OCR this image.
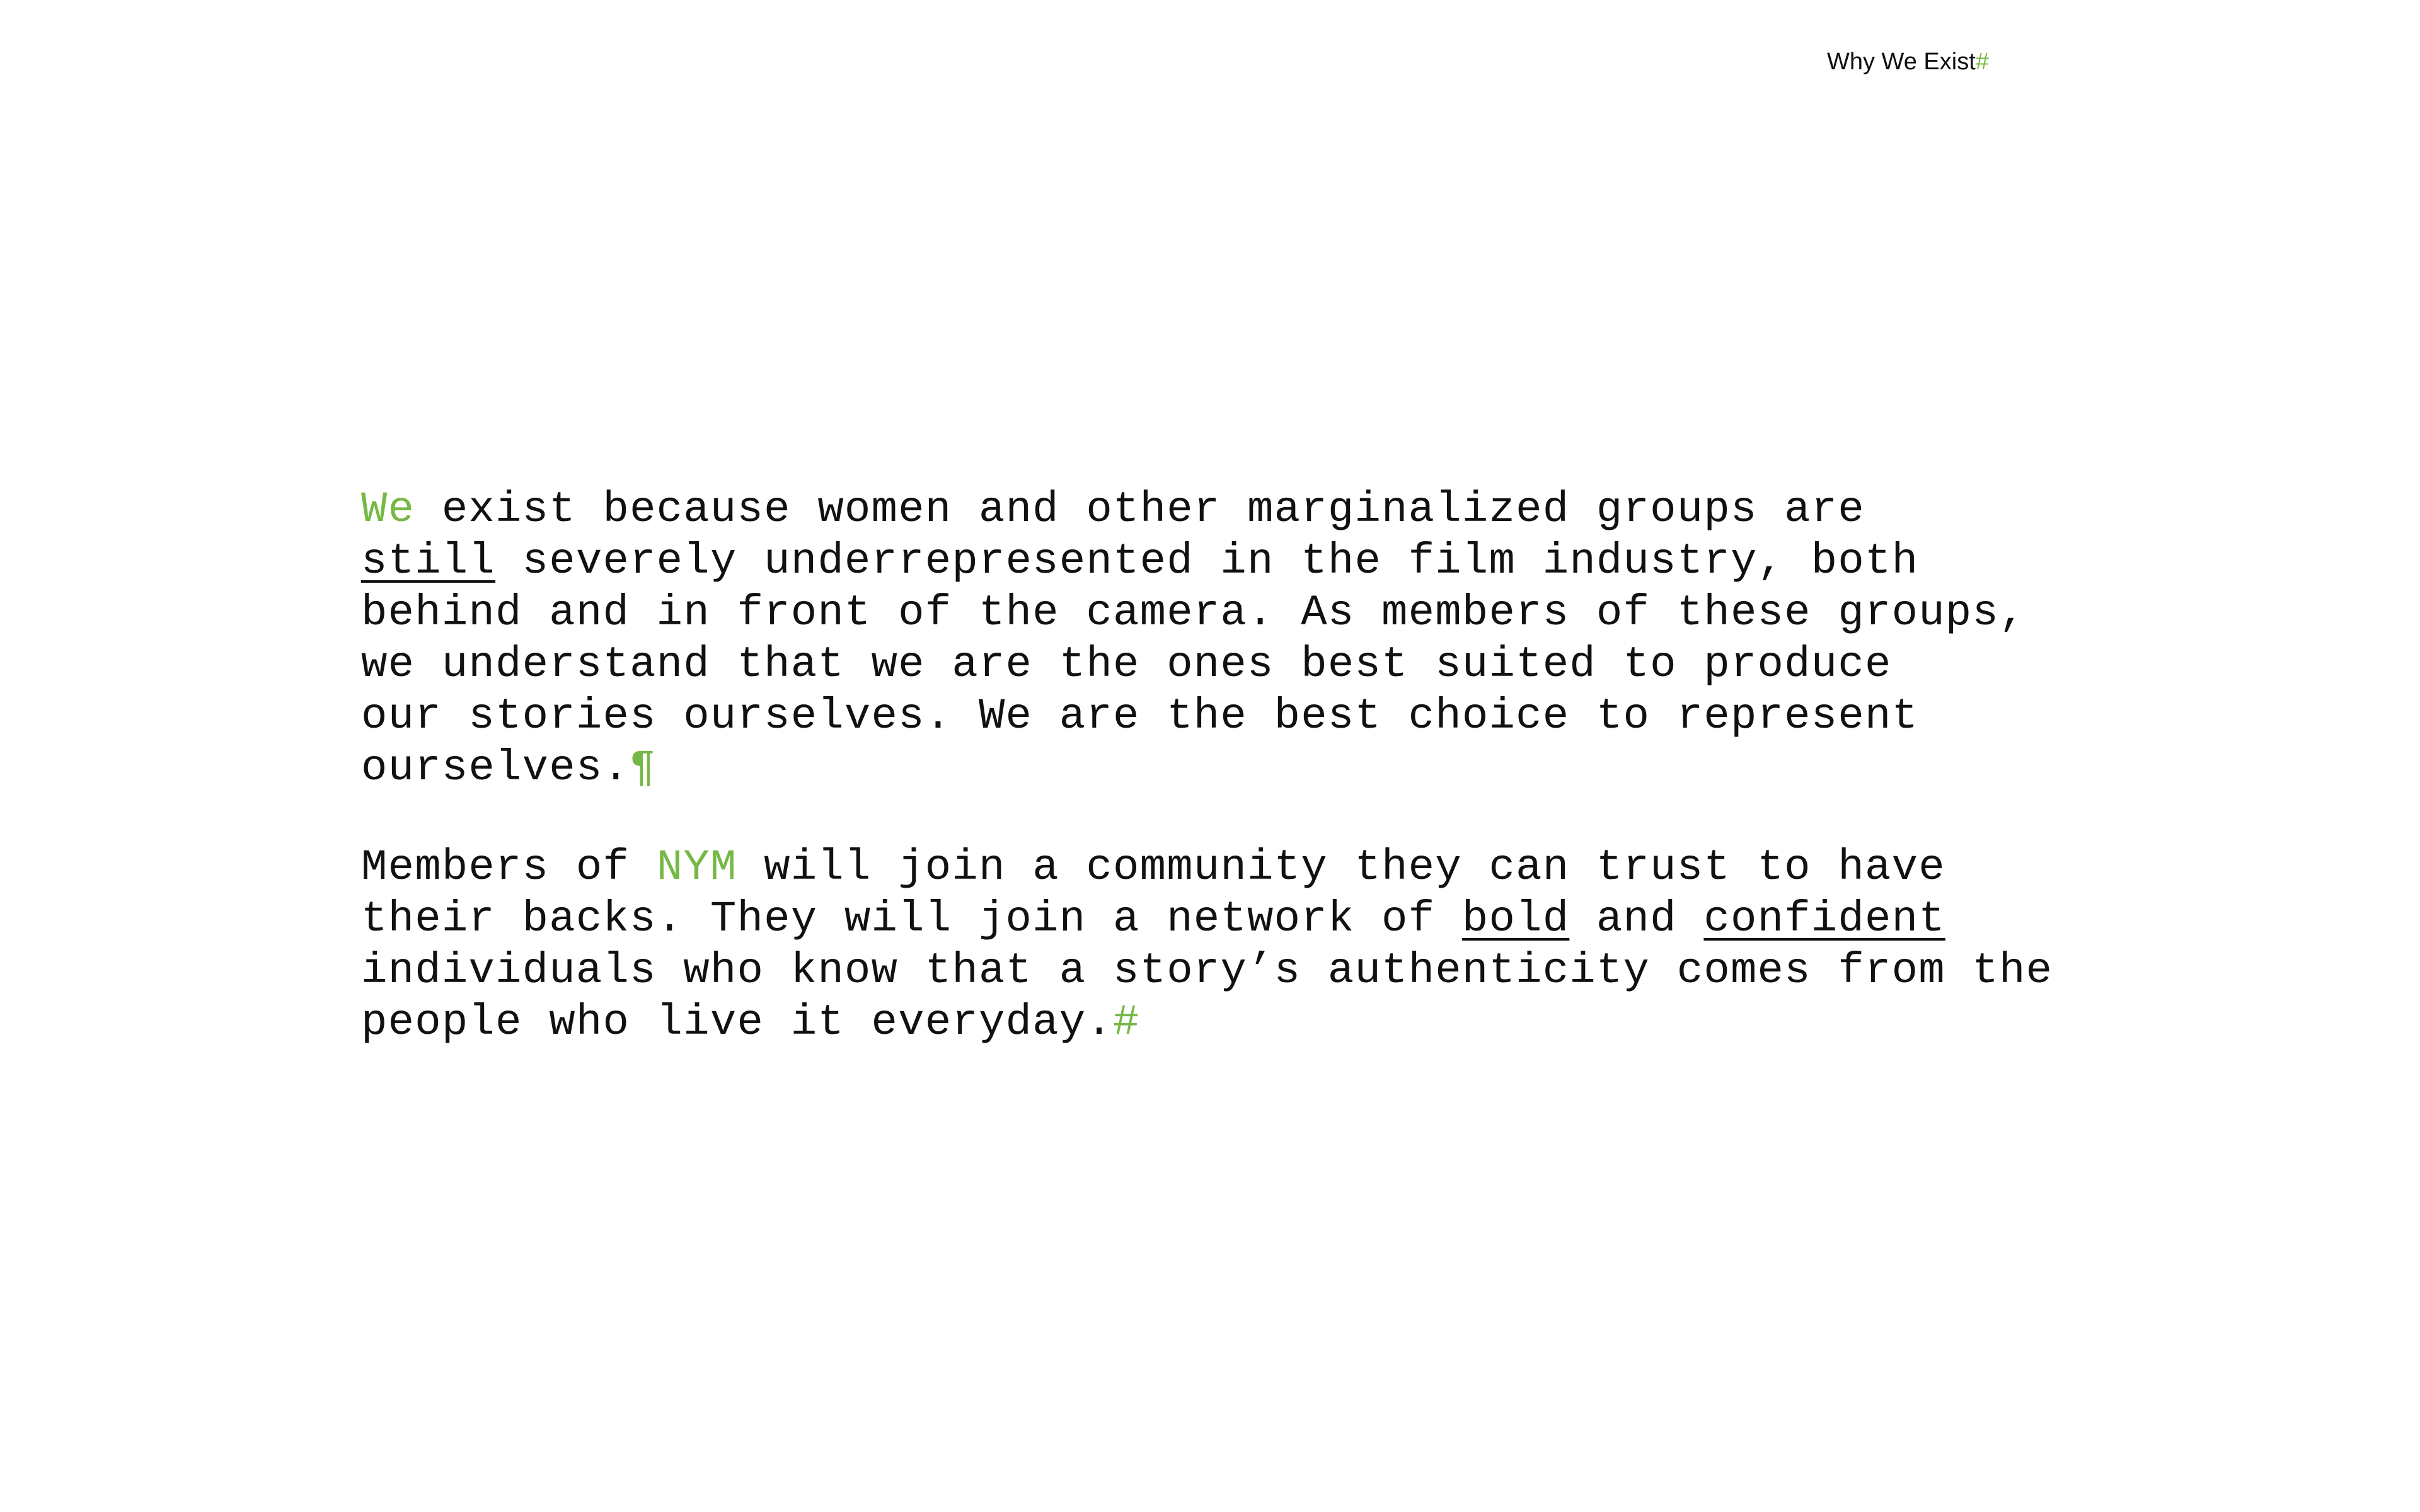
Why We Exist#
We exist because women and other marginalized groups are
still severely underrepresented in the film industry, both
behind and in front of the camera. As members of these groups,
we understand that we are the ones best suited to produce
our stories ourselves. We are the best choice to represent
ourselves.¶
Members of NYM will join a community they can trust to have
their backs. They will join a network of bold and confident
individuals who know that a story’s authenticity comes from the
people who live it everyday.#
